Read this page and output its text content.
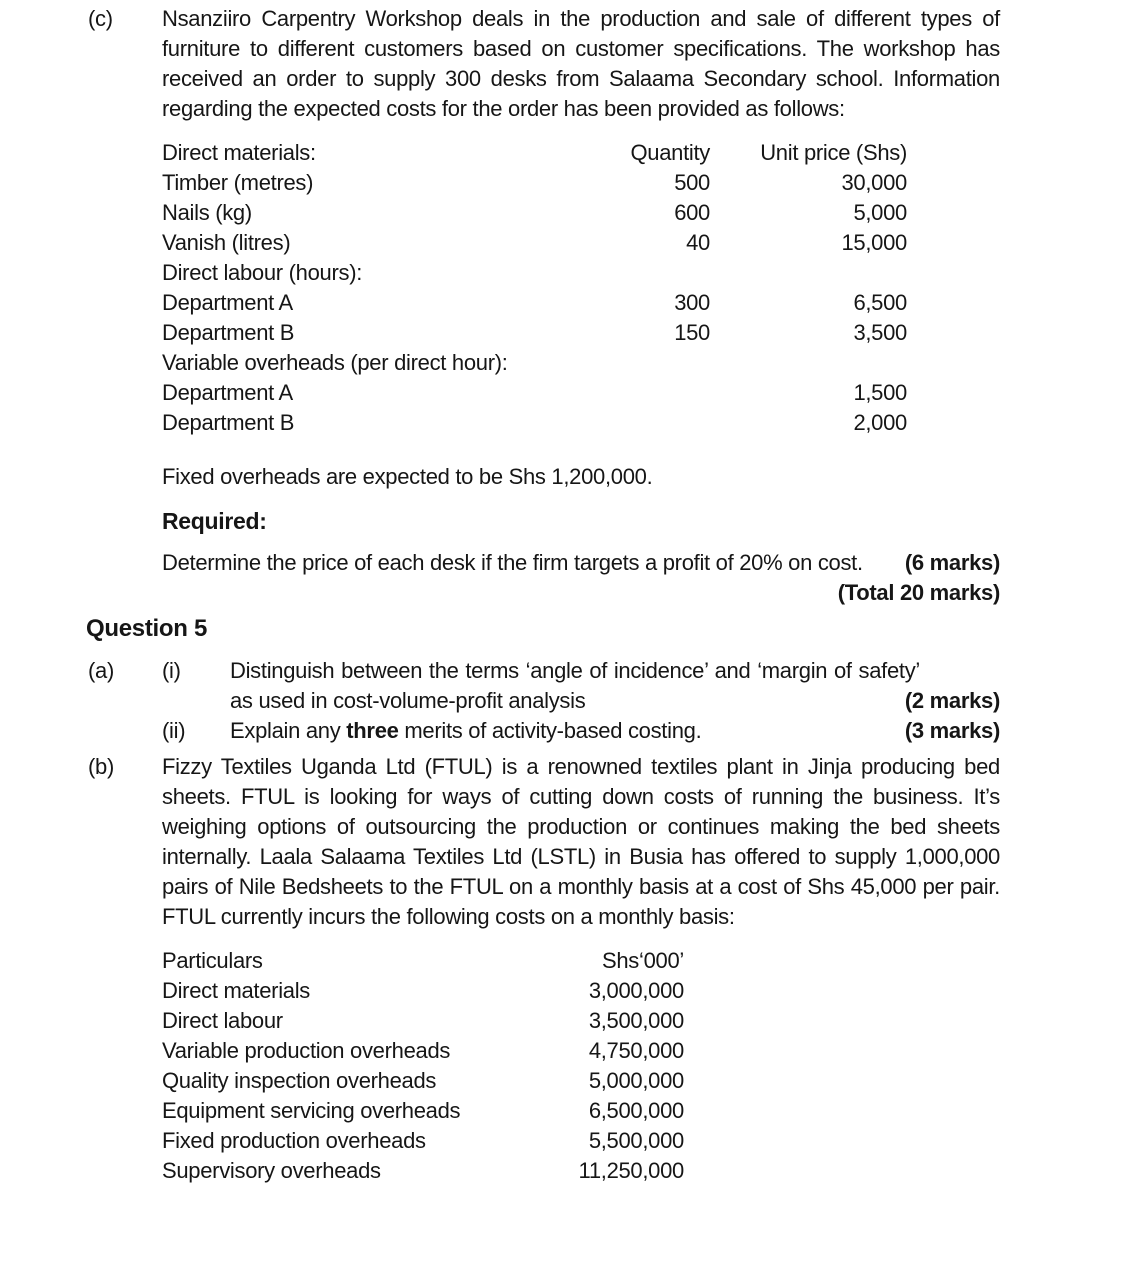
(c)	Nsanziiro Carpentry Workshop deals in the production and sale of different types of furniture to different customers based on customer specifications. The workshop has received an order to supply 300 desks from Salaama Secondary school. Information regarding the expected costs for the order has been provided as follows:
Direct materials:	Quantity	Unit price (Shs)
Timber (metres)	500	30,000
Nails (kg)	600	5,000
Vanish (litres)	40	15,000
Direct labour (hours):		
Department A	300	6,500
Department B	150	3,500
Variable overheads (per direct hour):		
Department A		1,500
Department B		2,000
Fixed overheads are expected to be Shs 1,200,000.
Required:
Determine the price of each desk if the firm targets a profit of 20% on cost.	(6 marks)
(Total 20 marks)
Question 5
(a)	(i)	Distinguish between the terms ‘angle of incidence’ and ‘margin of safety’ as used in cost-volume-profit analysis	(2 marks)
(ii)	Explain any three merits of activity-based costing.	(3 marks)
(b)	Fizzy Textiles Uganda Ltd (FTUL) is a renowned textiles plant in Jinja producing bed sheets. FTUL is looking for ways of cutting down costs of running the business. It’s weighing options of outsourcing the production or continues making the bed sheets internally. Laala Salaama Textiles Ltd (LSTL) in Busia has offered to supply 1,000,000 pairs of Nile Bedsheets to the FTUL on a monthly basis at a cost of Shs 45,000 per pair. FTUL currently incurs the following costs on a monthly basis:
Particulars	Shs‘000’
Direct materials	3,000,000
Direct labour	3,500,000
Variable production overheads	4,750,000
Quality inspection overheads	5,000,000
Equipment servicing overheads	6,500,000
Fixed production overheads	5,500,000
Supervisory overheads	11,250,000
